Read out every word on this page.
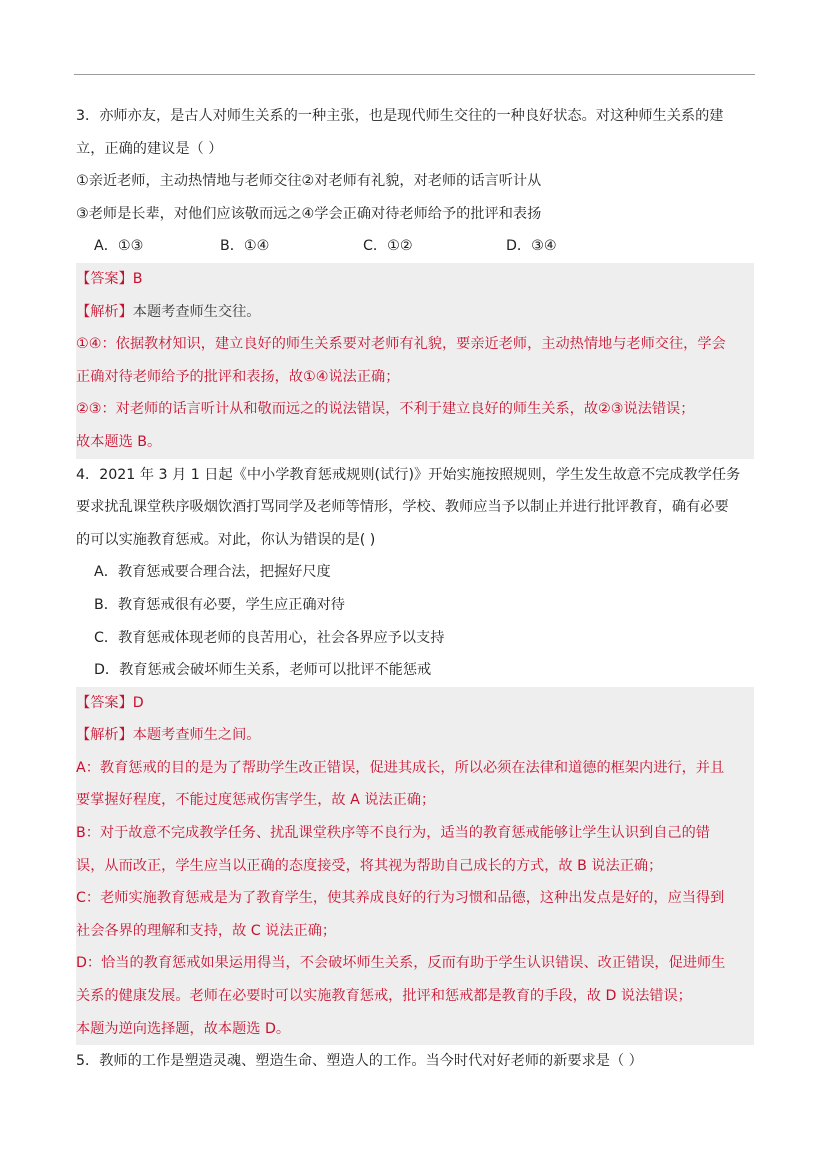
3．亦师亦友，是古人对师生关系的一种主张，也是现代师生交往的一种良好状态。对这种师生关系的建
立，正确的建议是（ ）
①亲近老师，主动热情地与老师交往②对老师有礼貌，对老师的话言听计从
③老师是长辈，对他们应该敬而远之④学会正确对待老师给予的批评和表扬
A．①③	B．①④	C．①②	D．③④
【答案】B
【解析】本题考查师生交往。
①④：依据教材知识，建立良好的师生关系要对老师有礼貌，要亲近老师，主动热情地与老师交往，学会
正确对待老师给予的批评和表扬，故①④说法正确；
②③：对老师的话言听计从和敬而远之的说法错误，不利于建立良好的师生关系，故②③说法错误；
故本题选 B。
4．2021 年 3 月 1 日起《中小学教育惩戒规则(试行)》开始实施按照规则，学生发生故意不完成教学任务
要求扰乱课堂秩序吸烟饮酒打骂同学及老师等情形，学校、教师应当予以制止并进行批评教育，确有必要
的可以实施教育惩戒。对此，你认为错误的是( )
A．教育惩戒要合理合法，把握好尺度
B．教育惩戒很有必要，学生应正确对待
C．教育惩戒体现老师的良苦用心，社会各界应予以支持
D．教育惩戒会破坏师生关系，老师可以批评不能惩戒
【答案】D
【解析】本题考查师生之间。
A：教育惩戒的目的是为了帮助学生改正错误，促进其成长，所以必须在法律和道德的框架内进行，并且
要掌握好程度，不能过度惩戒伤害学生，故 A 说法正确；
B：对于故意不完成教学任务、扰乱课堂秩序等不良行为，适当的教育惩戒能够让学生认识到自己的错
误，从而改正，学生应当以正确的态度接受，将其视为帮助自己成长的方式，故 B 说法正确；
C：老师实施教育惩戒是为了教育学生，使其养成良好的行为习惯和品德，这种出发点是好的，应当得到
社会各界的理解和支持，故 C 说法正确；
D：恰当的教育惩戒如果运用得当，不会破坏师生关系，反而有助于学生认识错误、改正错误，促进师生
关系的健康发展。老师在必要时可以实施教育惩戒，批评和惩戒都是教育的手段，故 D 说法错误；
本题为逆向选择题，故本题选 D。
5．教师的工作是塑造灵魂、塑造生命、塑造人的工作。当今时代对好老师的新要求是（ ）
